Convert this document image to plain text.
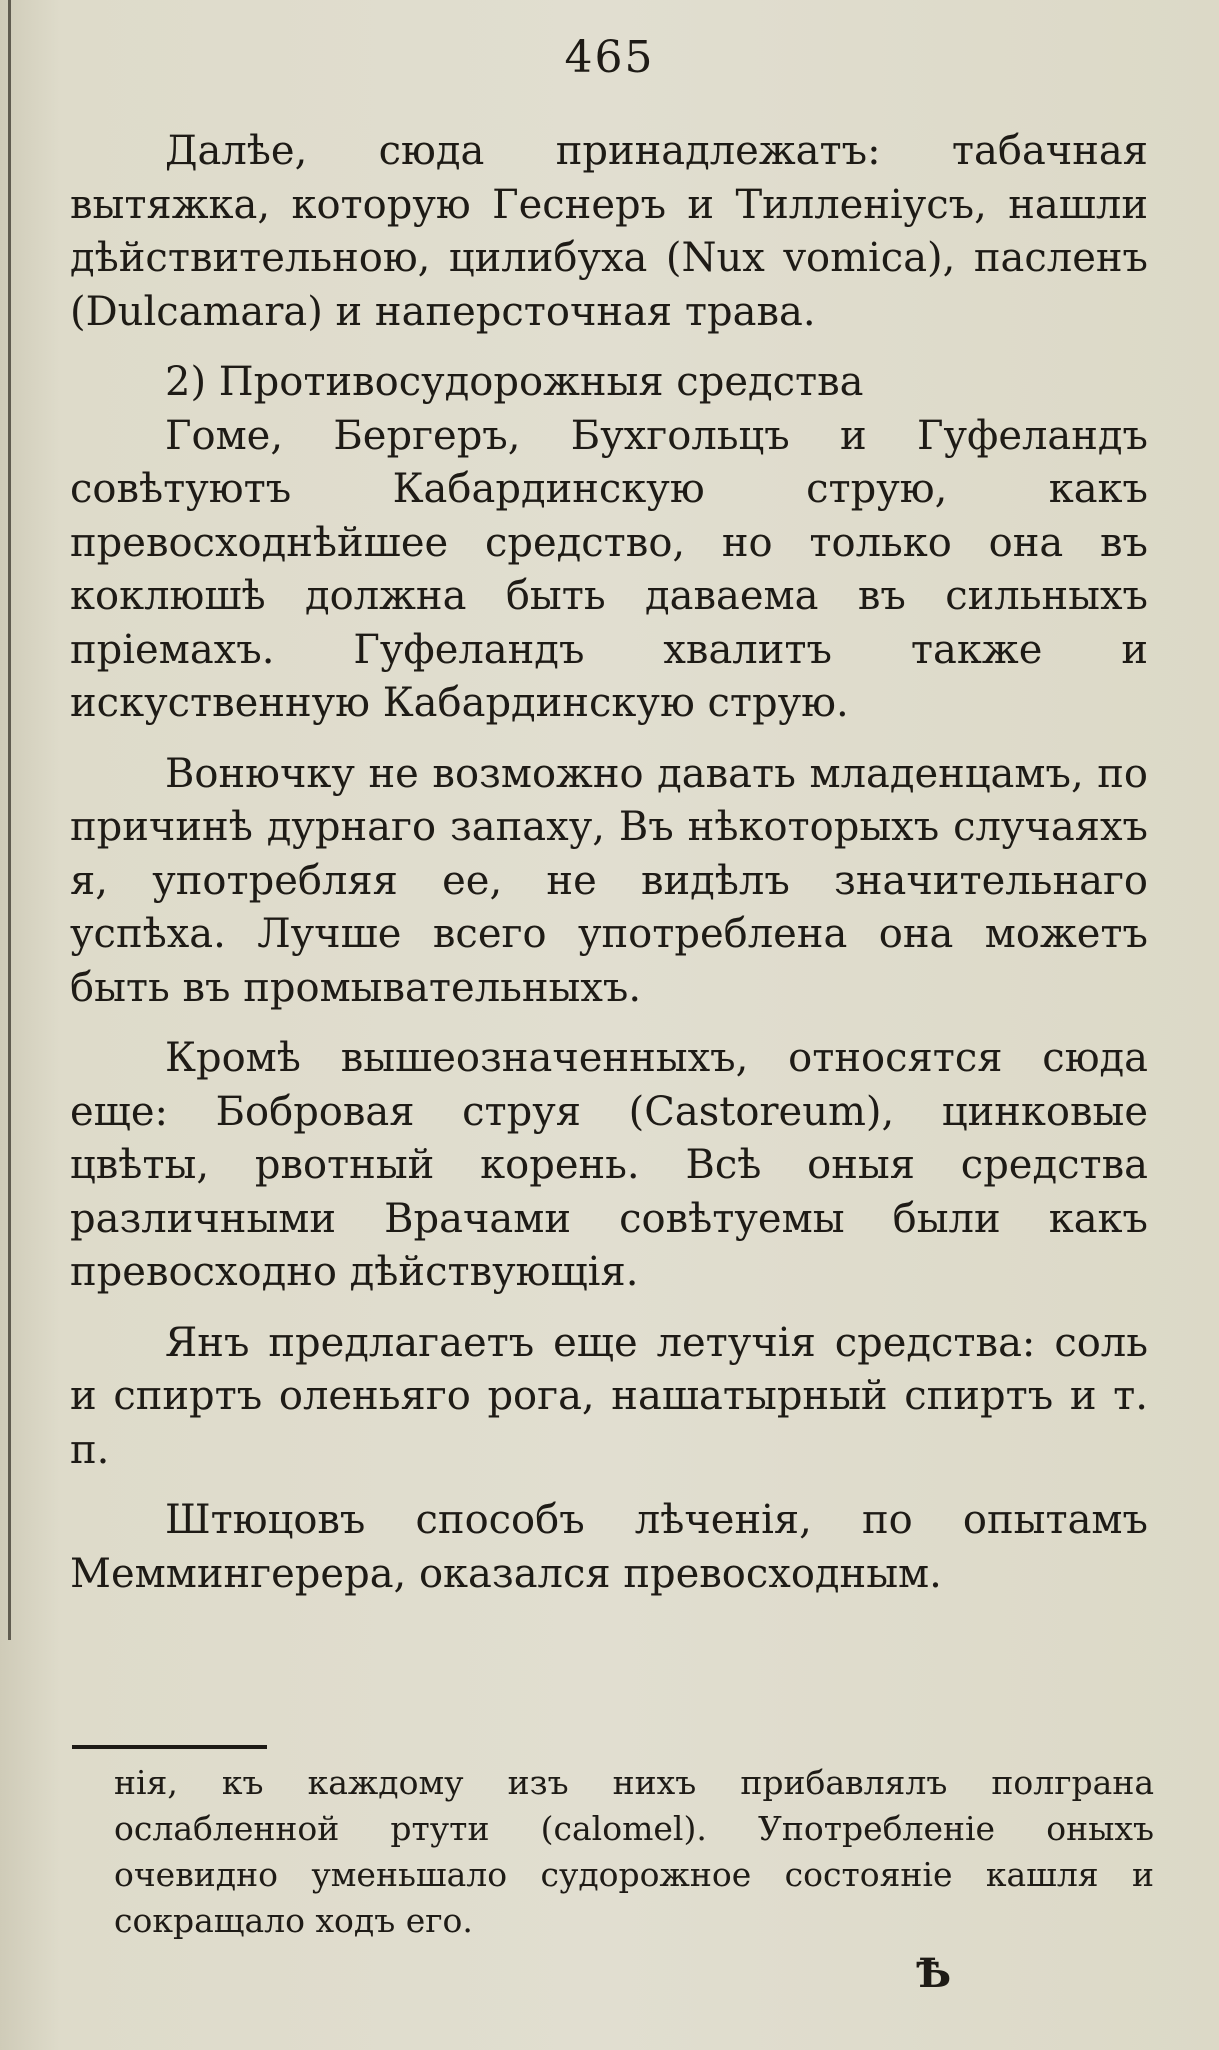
465

Далѣе, сюда принадлежатъ: табачная вытяжка, которую Геснеръ и Тилленіусъ, нашли дѣйствительною, цилибуха (Nux vomica), пасленъ (Dulcamara) и наперсточная трава.

2) Противосудорожныя средства

Гоме, Бергеръ, Бухгольцъ и Гуфеландъ совѣтуютъ Кабардинскую струю, какъ превосходнѣйшее средство, но только она въ коклюшѣ должна быть даваема въ сильныхъ пріемахъ. Гуфеландъ хвалитъ также и искуственную Кабардинскую струю.

Вонючку не возможно давать младенцамъ, по причинѣ дурнаго запаху, Въ нѣкоторыхъ случаяхъ я, употребляя ее, не видѣлъ значительнаго успѣха. Лучше всего употреблена она можетъ быть въ промывательныхъ.

Кромѣ вышеозначенныхъ, относятся сюда еще: Бобровая струя (Castoreum), цинковые цвѣты, рвотный корень. Всѣ оныя средства различными Врачами совѣтуемы были какъ превосходно дѣйствующія.

Янъ предлагаетъ еще летучія средства: соль и спиртъ оленьяго рога, нашатырный спиртъ и т. п.

Штюцовъ способъ лѣченія, по опытамъ Меммингерера, оказался превосходным.

нія, къ каждому изъ нихъ прибавлялъ полграна ослабленной ртути (calomel). Употребленіе оныхъ очевидно уменьшало судорожное состояніе кашля и сокращало ходъ его.

Ѣ
